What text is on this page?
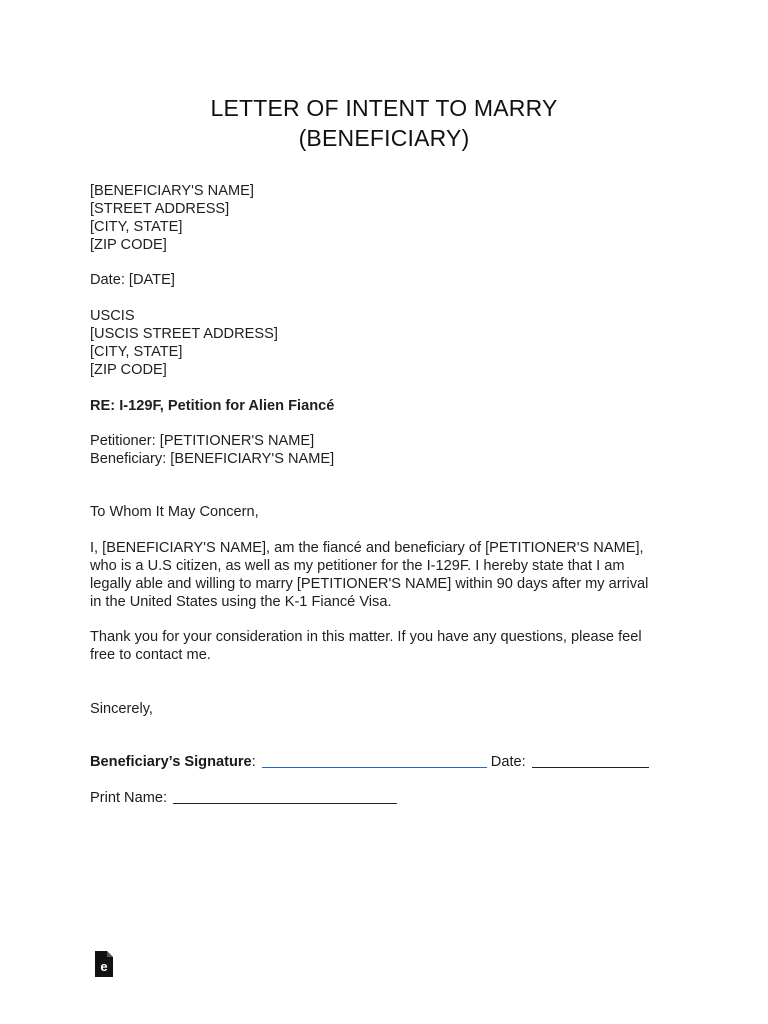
LETTER OF INTENT TO MARRY
(BENEFICIARY)
[BENEFICIARY'S NAME]
[STREET ADDRESS]
[CITY, STATE]
[ZIP CODE]
Date: [DATE]
USCIS
[USCIS STREET ADDRESS]
[CITY, STATE]
[ZIP CODE]
RE: I-129F, Petition for Alien Fiancé
Petitioner: [PETITIONER'S NAME]
Beneficiary: [BENEFICIARY'S NAME]
To Whom It May Concern,
I, [BENEFICIARY'S NAME], am the fiancé and beneficiary of [PETITIONER'S NAME],
who is a U.S citizen, as well as my petitioner for the I-129F. I hereby state that I am
legally able and willing to marry [PETITIONER'S NAME] within 90 days after my arrival
in the United States using the K-1 Fiancé Visa.
Thank you for your consideration in this matter. If you have any questions, please feel
free to contact me.
Sincerely,
Beneficiary’s Signature:	Date:
Print Name:
e
